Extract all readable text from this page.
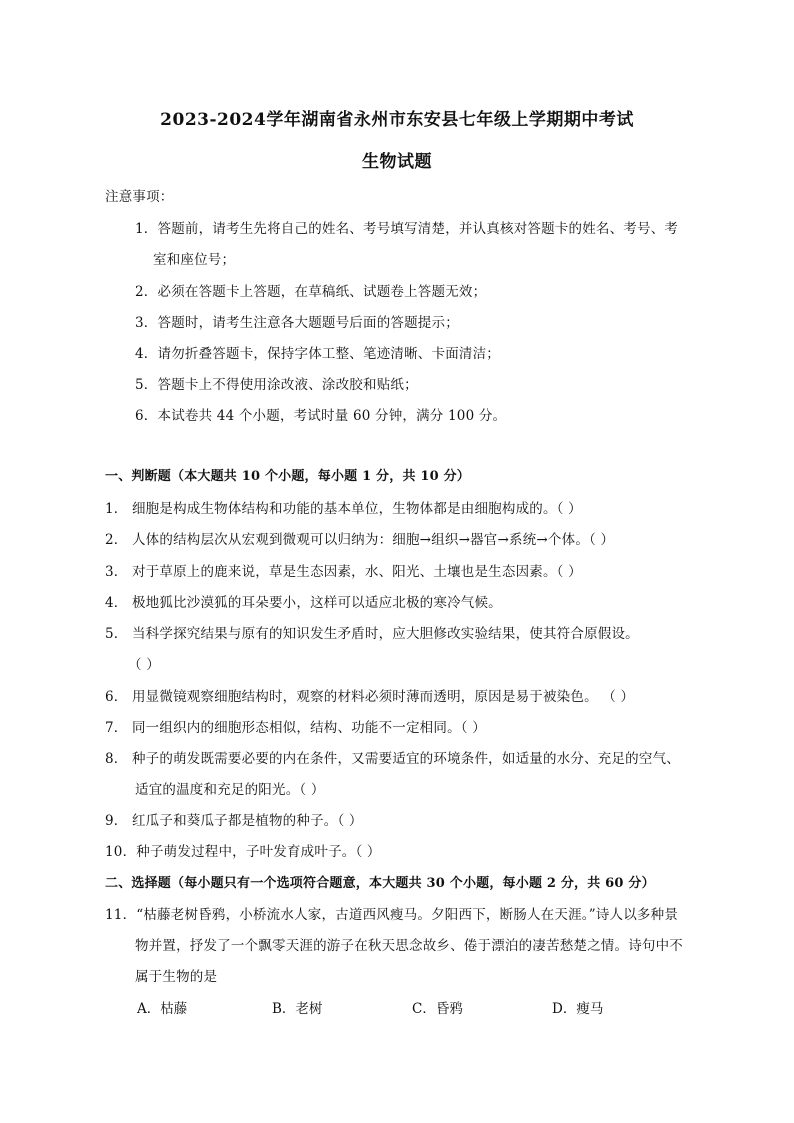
2023-2024学年湖南省永州市东安县七年级上学期期中考试
生物试题
注意事项：
1．答题前，请考生先将自己的姓名、考号填写清楚，并认真核对答题卡的姓名、考号、考
室和座位号；
2．必须在答题卡上答题，在草稿纸、试题卷上答题无效；
3．答题时，请考生注意各大题题号后面的答题提示；
4．请勿折叠答题卡，保持字体工整、笔迹清晰、卡面清洁；
5．答题卡上不得使用涂改液、涂改胶和贴纸；
6．本试卷共 44 个小题，考试时量 60 分钟，满分 100 分。
一、判断题（本大题共 10 个小题，每小题 1 分，共 10 分）
1． 细胞是构成生物体结构和功能的基本单位，生物体都是由细胞构成的。（ ）
2． 人体的结构层次从宏观到微观可以归纳为：细胞→组织→器官→系统→个体。（ ）
3． 对于草原上的鹿来说，草是生态因素，水、阳光、土壤也是生态因素。（ ）
4． 极地狐比沙漠狐的耳朵要小，这样可以适应北极的寒冷气候。
5． 当科学探究结果与原有的知识发生矛盾时，应大胆修改实验结果，使其符合原假设。
（ ）
6． 用显微镜观察细胞结构时，观察的材料必须时薄而透明，原因是易于被染色。 （ ）
7． 同一组织内的细胞形态相似，结构、功能不一定相同。（ ）
8． 种子的萌发既需要必要的内在条件，又需要适宜的环境条件，如适量的水分、充足的空气、
适宜的温度和充足的阳光。（ ）
9． 红瓜子和葵瓜子都是植物的种子。（ ）
10．种子萌发过程中，子叶发育成叶子。（ ）
二、选择题（每小题只有一个选项符合题意，本大题共 30 个小题，每小题 2 分，共 60 分）
11．“枯藤老树昏鸦，小桥流水人家，古道西风瘦马。夕阳西下，断肠人在天涯。”诗人以多种景
物并置，抒发了一个飘零天涯的游子在秋天思念故乡、倦于漂泊的凄苦愁楚之情。诗句中不
属于生物的是
A．枯藤	B．老树	C．昏鸦	D．瘦马
